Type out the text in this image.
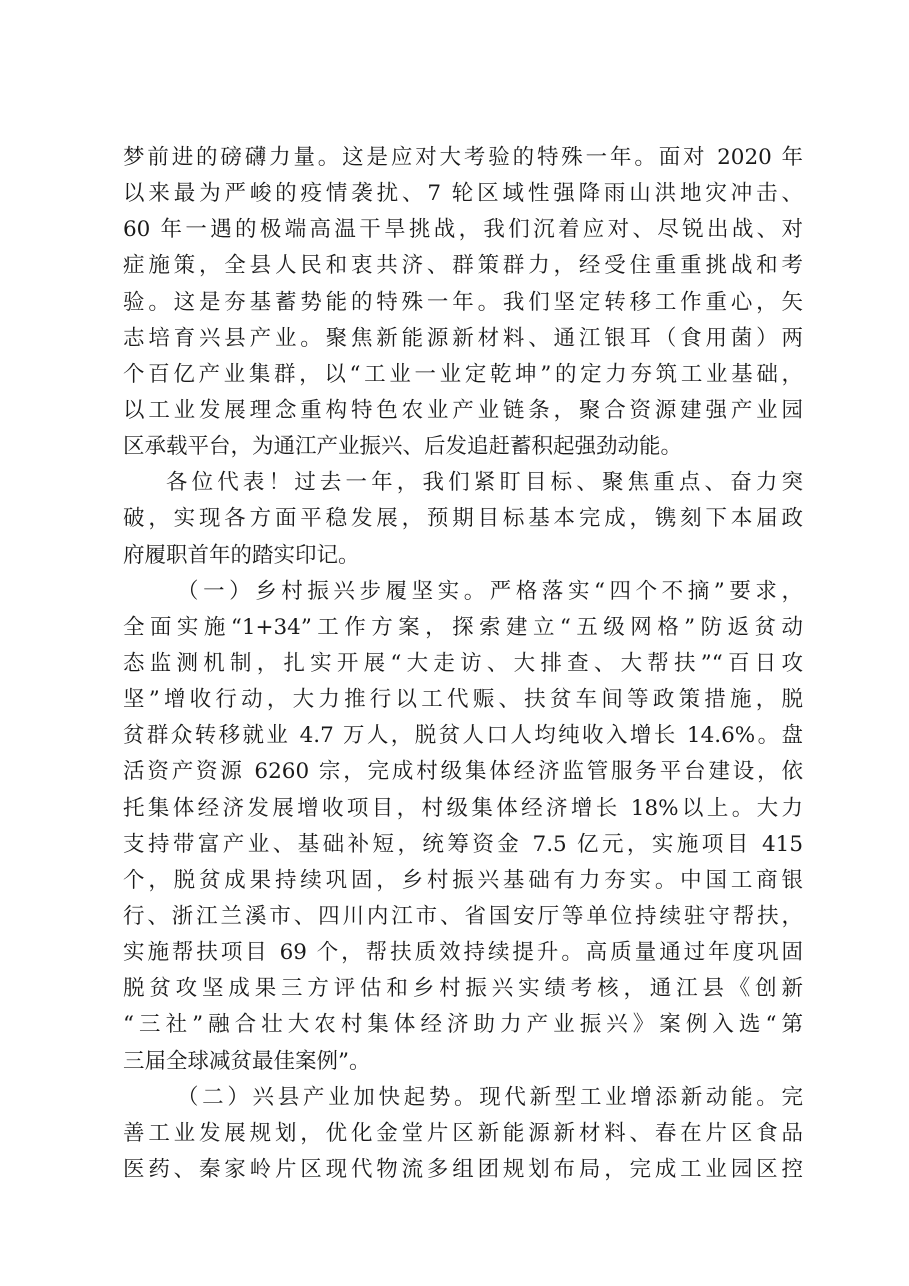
梦前进的磅礴力量。这是应对大考验的特殊一年。面对 2020 年
以来最为严峻的疫情袭扰、7 轮区域性强降雨山洪地灾冲击、
60 年一遇的极端高温干旱挑战，我们沉着应对、尽锐出战、对
症施策，全县人民和衷共济、群策群力，经受住重重挑战和考
验。这是夯基蓄势能的特殊一年。我们坚定转移工作重心，矢
志培育兴县产业。聚焦新能源新材料、通江银耳（食用菌）两
个百亿产业集群，以“工业一业定乾坤”的定力夯筑工业基础，
以工业发展理念重构特色农业产业链条，聚合资源建强产业园
区承载平台，为通江产业振兴、后发追赶蓄积起强劲动能。
各位代表！过去一年，我们紧盯目标、聚焦重点、奋力突
破，实现各方面平稳发展，预期目标基本完成，镌刻下本届政
府履职首年的踏实印记。
（一）乡村振兴步履坚实。严格落实“四个不摘”要求，
全面实施“1+34”工作方案，探索建立“五级网格”防返贫动
态监测机制，扎实开展“大走访、大排查、大帮扶”“百日攻
坚”增收行动，大力推行以工代赈、扶贫车间等政策措施，脱
贫群众转移就业 4.7 万人，脱贫人口人均纯收入增长 14.6%。盘
活资产资源 6260 宗，完成村级集体经济监管服务平台建设，依
托集体经济发展增收项目，村级集体经济增长 18%以上。大力
支持带富产业、基础补短，统筹资金 7.5 亿元，实施项目 415
个，脱贫成果持续巩固，乡村振兴基础有力夯实。中国工商银
行、浙江兰溪市、四川内江市、省国安厅等单位持续驻守帮扶，
实施帮扶项目 69 个，帮扶质效持续提升。高质量通过年度巩固
脱贫攻坚成果三方评估和乡村振兴实绩考核，通江县《创新
“三社”融合壮大农村集体经济助力产业振兴》案例入选“第
三届全球减贫最佳案例”。
（二）兴县产业加快起势。现代新型工业增添新动能。完
善工业发展规划，优化金堂片区新能源新材料、春在片区食品
医药、秦家岭片区现代物流多组团规划布局，完成工业园区控
